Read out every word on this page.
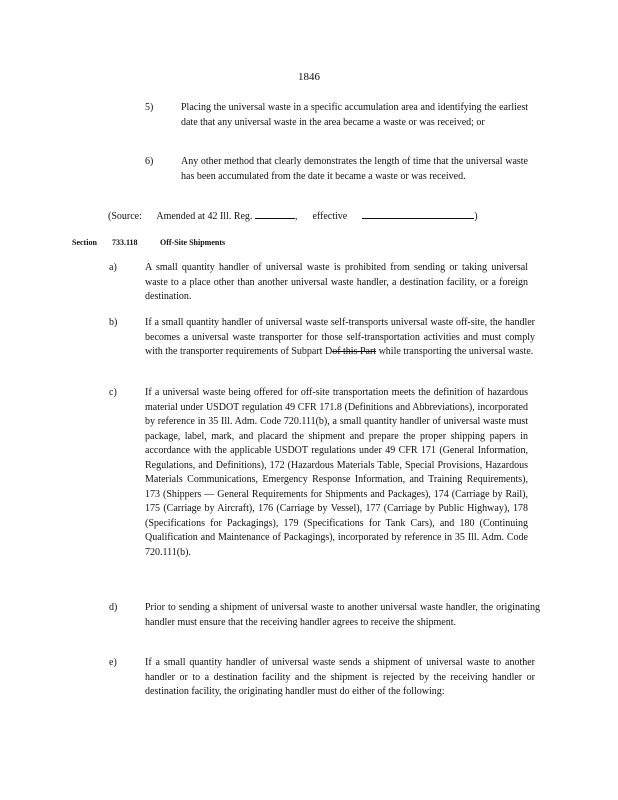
1846
5)	Placing the universal waste in a specific accumulation area and identifying the earliest date that any universal waste in the area became a waste or was received; or
6)	Any other method that clearly demonstrates the length of time that the universal waste has been accumulated from the date it became a waste or was received.
(Source: Amended at 42 Ill. Reg.	, effective	)
Section 733.118	Off-Site Shipments
a)	A small quantity handler of universal waste is prohibited from sending or taking universal waste to a place other than another universal waste handler, a destination facility, or a foreign destination.
b)	If a small quantity handler of universal waste self-transports universal waste off-site, the handler becomes a universal waste transporter for those self-transportation activities and must comply with the transporter requirements of Subpart Dof this Part while transporting the universal waste.
c)	If a universal waste being offered for off-site transportation meets the definition of hazardous material under USDOT regulation 49 CFR 171.8 (Definitions and Abbreviations), incorporated by reference in 35 Ill. Adm. Code 720.111(b), a small quantity handler of universal waste must package, label, mark, and placard the shipment and prepare the proper shipping papers in accordance with the applicable USDOT regulations under 49 CFR 171 (General Information, Regulations, and Definitions), 172 (Hazardous Materials Table, Special Provisions, Hazardous Materials Communications, Emergency Response Information, and Training Requirements), 173 (Shippers — General Requirements for Shipments and Packages), 174 (Carriage by Rail), 175 (Carriage by Aircraft), 176 (Carriage by Vessel), 177 (Carriage by Public Highway), 178 (Specifications for Packagings), 179 (Specifications for Tank Cars), and 180 (Continuing Qualification and Maintenance of Packagings), incorporated by reference in 35 Ill. Adm. Code 720.111(b).
d)	Prior to sending a shipment of universal waste to another universal waste handler, the originating handler must ensure that the receiving handler agrees to receive the shipment.
e)	If a small quantity handler of universal waste sends a shipment of universal waste to another handler or to a destination facility and the shipment is rejected by the receiving handler or destination facility, the originating handler must do either of the following:
